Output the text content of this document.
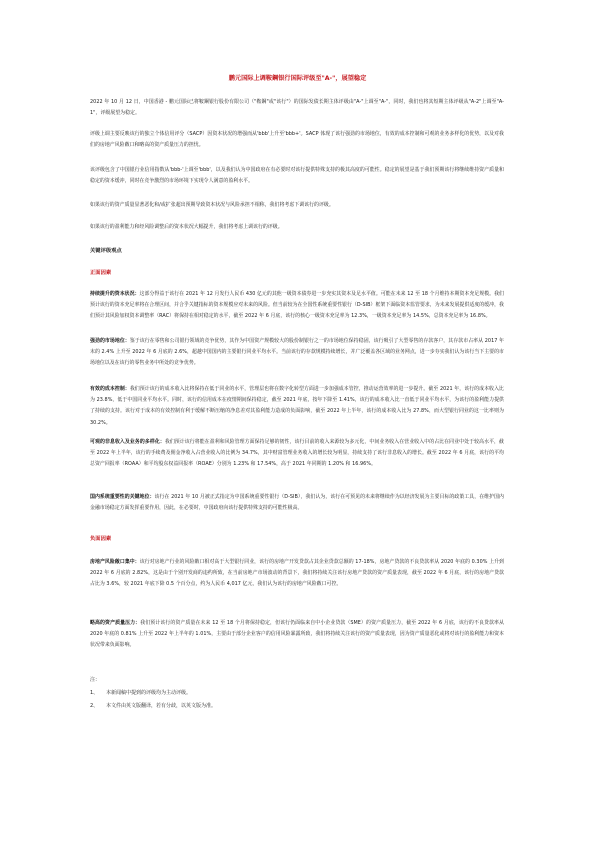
鹏元国际上调鞍鋼银行国际评级至"A-"，展望稳定

2022 年 10 月 12 日，中国香港 - 鹏元国际已将鞍鋼银行股份有限公司（"鞍鋼"或"该行"）的国际发债长期主体评级由"A-"上调至"A-"，同时，我们也将其短期主体评级从"A-2"上调至"A-1"，评级展望为稳定。

评级上调主要反映该行的独立个体信用评分（SACP）因资本状况的增强而从'bbb'上升至'bbb+'。SACP 体现了该行强劲的市场地位，有效的成本控制和可观的业务多样化的优势，以及对我们的房地产风险敞口和略高的资产质量压力的担忧。

该评级包含了中国银行业信用指数从'bbb-'上调至'bbb'，以及我们认为中国政府在有必要时对该行提供特殊支持的极其高度的可能性。稳定的展望是基于我们预期该行将继续维持资产质量和稳定的资本缓冲，同时在竞争激烈的市场环境下实现令人满意的盈利水平。

如果该行的资产质量显著恶化和/或扩张超出预期导致资本状况与风险承担不相称，我们将考虑下调该行的评级。

如果该行的盈利能力和经风险调整后的资本状况大幅提升，我们将考虑上调该行的评级。

关键评级观点

正面因素

持续提升的资本状况：这部分得益于该行在 2021 年 12 月发行人民币 430 亿元的其他一级资本债券进一步充实其资本及足水平值。可能在未来 12 至 18 个月维持本期资本充足规模。我们预计该行的资本充足率将在合理区间，并合乎关键指标的资本规模应对未来的风险。但当前较为在全国性系统重要性银行（D-SIB）框架下面临资本监管要求，为未来发展提供适度的缓冲，我们预计其风险加权资本调整率（RAC）将保持在相对稳定的水平，截至 2022 年 6 月底，该行的核心一级资本充足率为 12.3%，一级资本充足率为 14.5%，总资本充足率为 16.8%。

强劲的市场地位：鉴于该行在零售和公司银行领域的竞争优势，其作为中国资产规模较大的股份制银行之一的市场地位保持稳固，该行吸引了大型零售的存款客户，其存款市占率从 2017 年末的 2.4% 上升至 2022 年 6 月底的 2.6%，超越中国国内的主要银行同业平均水平。当前该行的存款规模持续增长，并广泛覆盖各区域的业务网点，进一步夯实我们认为该行当下主要的市场地位以及在该行的零售业务中所处的竞争优势。

有效的成本控制：我们预计该行的成本收入比将保持在低于同业的水平，管理层也将在数字化转型方面进一步加强成本管控，推动运营效率的进一步提升。截至 2021 年，该行的成本收入比为 23.8%，低于中国同业平均水平。同时，该行的信用成本在疫情期间保持稳定，截至 2021 年底，按年下降至 1.41%，该行的成本收入比一直低于同业平均水平，为该行的盈利能力提供了持续的支持。该行对于成本的有效控制有利于缓解不断压缩的净息差对其盈利能力造成的负面影响，截至 2022 年上半年，该行的成本收入比为 27.8%，而大型银行同业的这一比率则为 30.2%。

可观的非息收入及业务的多样化：我们预计该行将能在盈利和风险管理方面保持足够的韧性，该行目前的收入来源较为多元化，中间业务收入在营业收入中的占比在同业中处于较高水平，截至 2022 年上半年，该行的手续费及佣金净收入占营业收入的比例为 34.7%，其中财富管理业务收入的增长较为明显，持续支持了该行非息收入的增长。截至 2022 年 6 月底，该行的平均总资产回报率（ROAA）和平均股东权益回报率（ROAE）分别为 1.23% 和 17.54%，高于 2021 年同期的 1.20% 和 16.96%。

国内系统重要性的关键地位：该行在 2021 年 10 月被正式指定为中国系统重要性银行（D-SIB），我们认为，该行在可预见的未来将继续作为以经济发展为主要目标的政策工具，在维护国内金融市场稳定方面发挥重要作用，因此，在必要时，中国政府向该行提供特殊支持的可能性极高。

负面因素

房地产风险敞口集中：该行对房地产行业的风险敞口相对高于大型银行同业，该行的房地产开发贷款占其企业贷款总额的 17-18%，房地产贷款的不良贷款率从 2020 年底的 0.30% 上升到 2022 年 6 月底的 2.82%，这是由于个别开发商的违约所致，在当前房地产市场波动的背景下，我们将持续关注该行房地产贷款的资产质量表现，截至 2022 年 6 月底，该行的房地产贷款占比为 3.6%，较 2021 年底下降 0.5 个百分点，约为人民币 4,017 亿元，我们认为该行的房地产风险敞口可控。

略高的资产质量压力：我们预计该行的资产质量在未来 12 至 18 个月将保持稳定，但该行仍面临来自中小企业贷款（SME）的资产质量压力，截至 2022 年 6 月底，该行的不良贷款率从 2020 年底的 0.81% 上升至 2022 年上半年的 1.01%，主要由于部分企业客户的信用风险暴露所致，我们将持续关注该行的资产质量表现，因为资产质量恶化或将对该行的盈利能力和资本状况带来负面影响。

注：
1、	本新闻稿中提到的评级均为主动评级。
2、	本文件由英文版翻译，若有分歧，以英文版为准。
